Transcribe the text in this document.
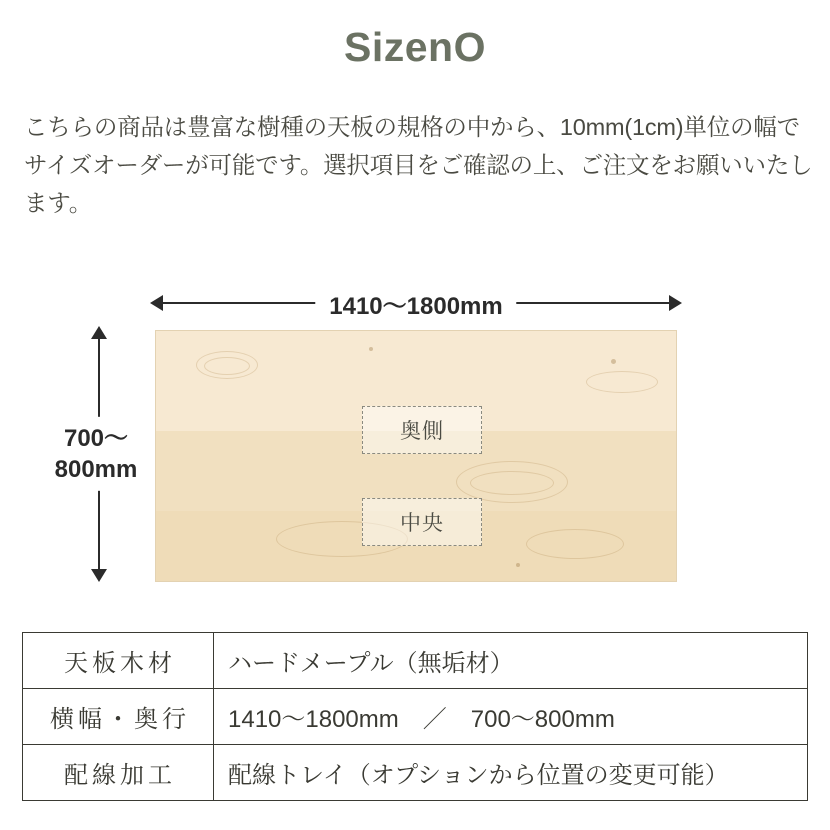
SizenO
こちらの商品は豊富な樹種の天板の規格の中から、10mm(1cm)単位の幅でサイズオーダーが可能です。選択項目をご確認の上、ご注文をお願いいたします。
1410〜1800mm
700〜
800mm
奥側
中央
天板木材	ハードメープル（無垢材）
横幅・奥行	1410〜1800mm　／　700〜800mm
配線加工	配線トレイ（オプションから位置の変更可能）
